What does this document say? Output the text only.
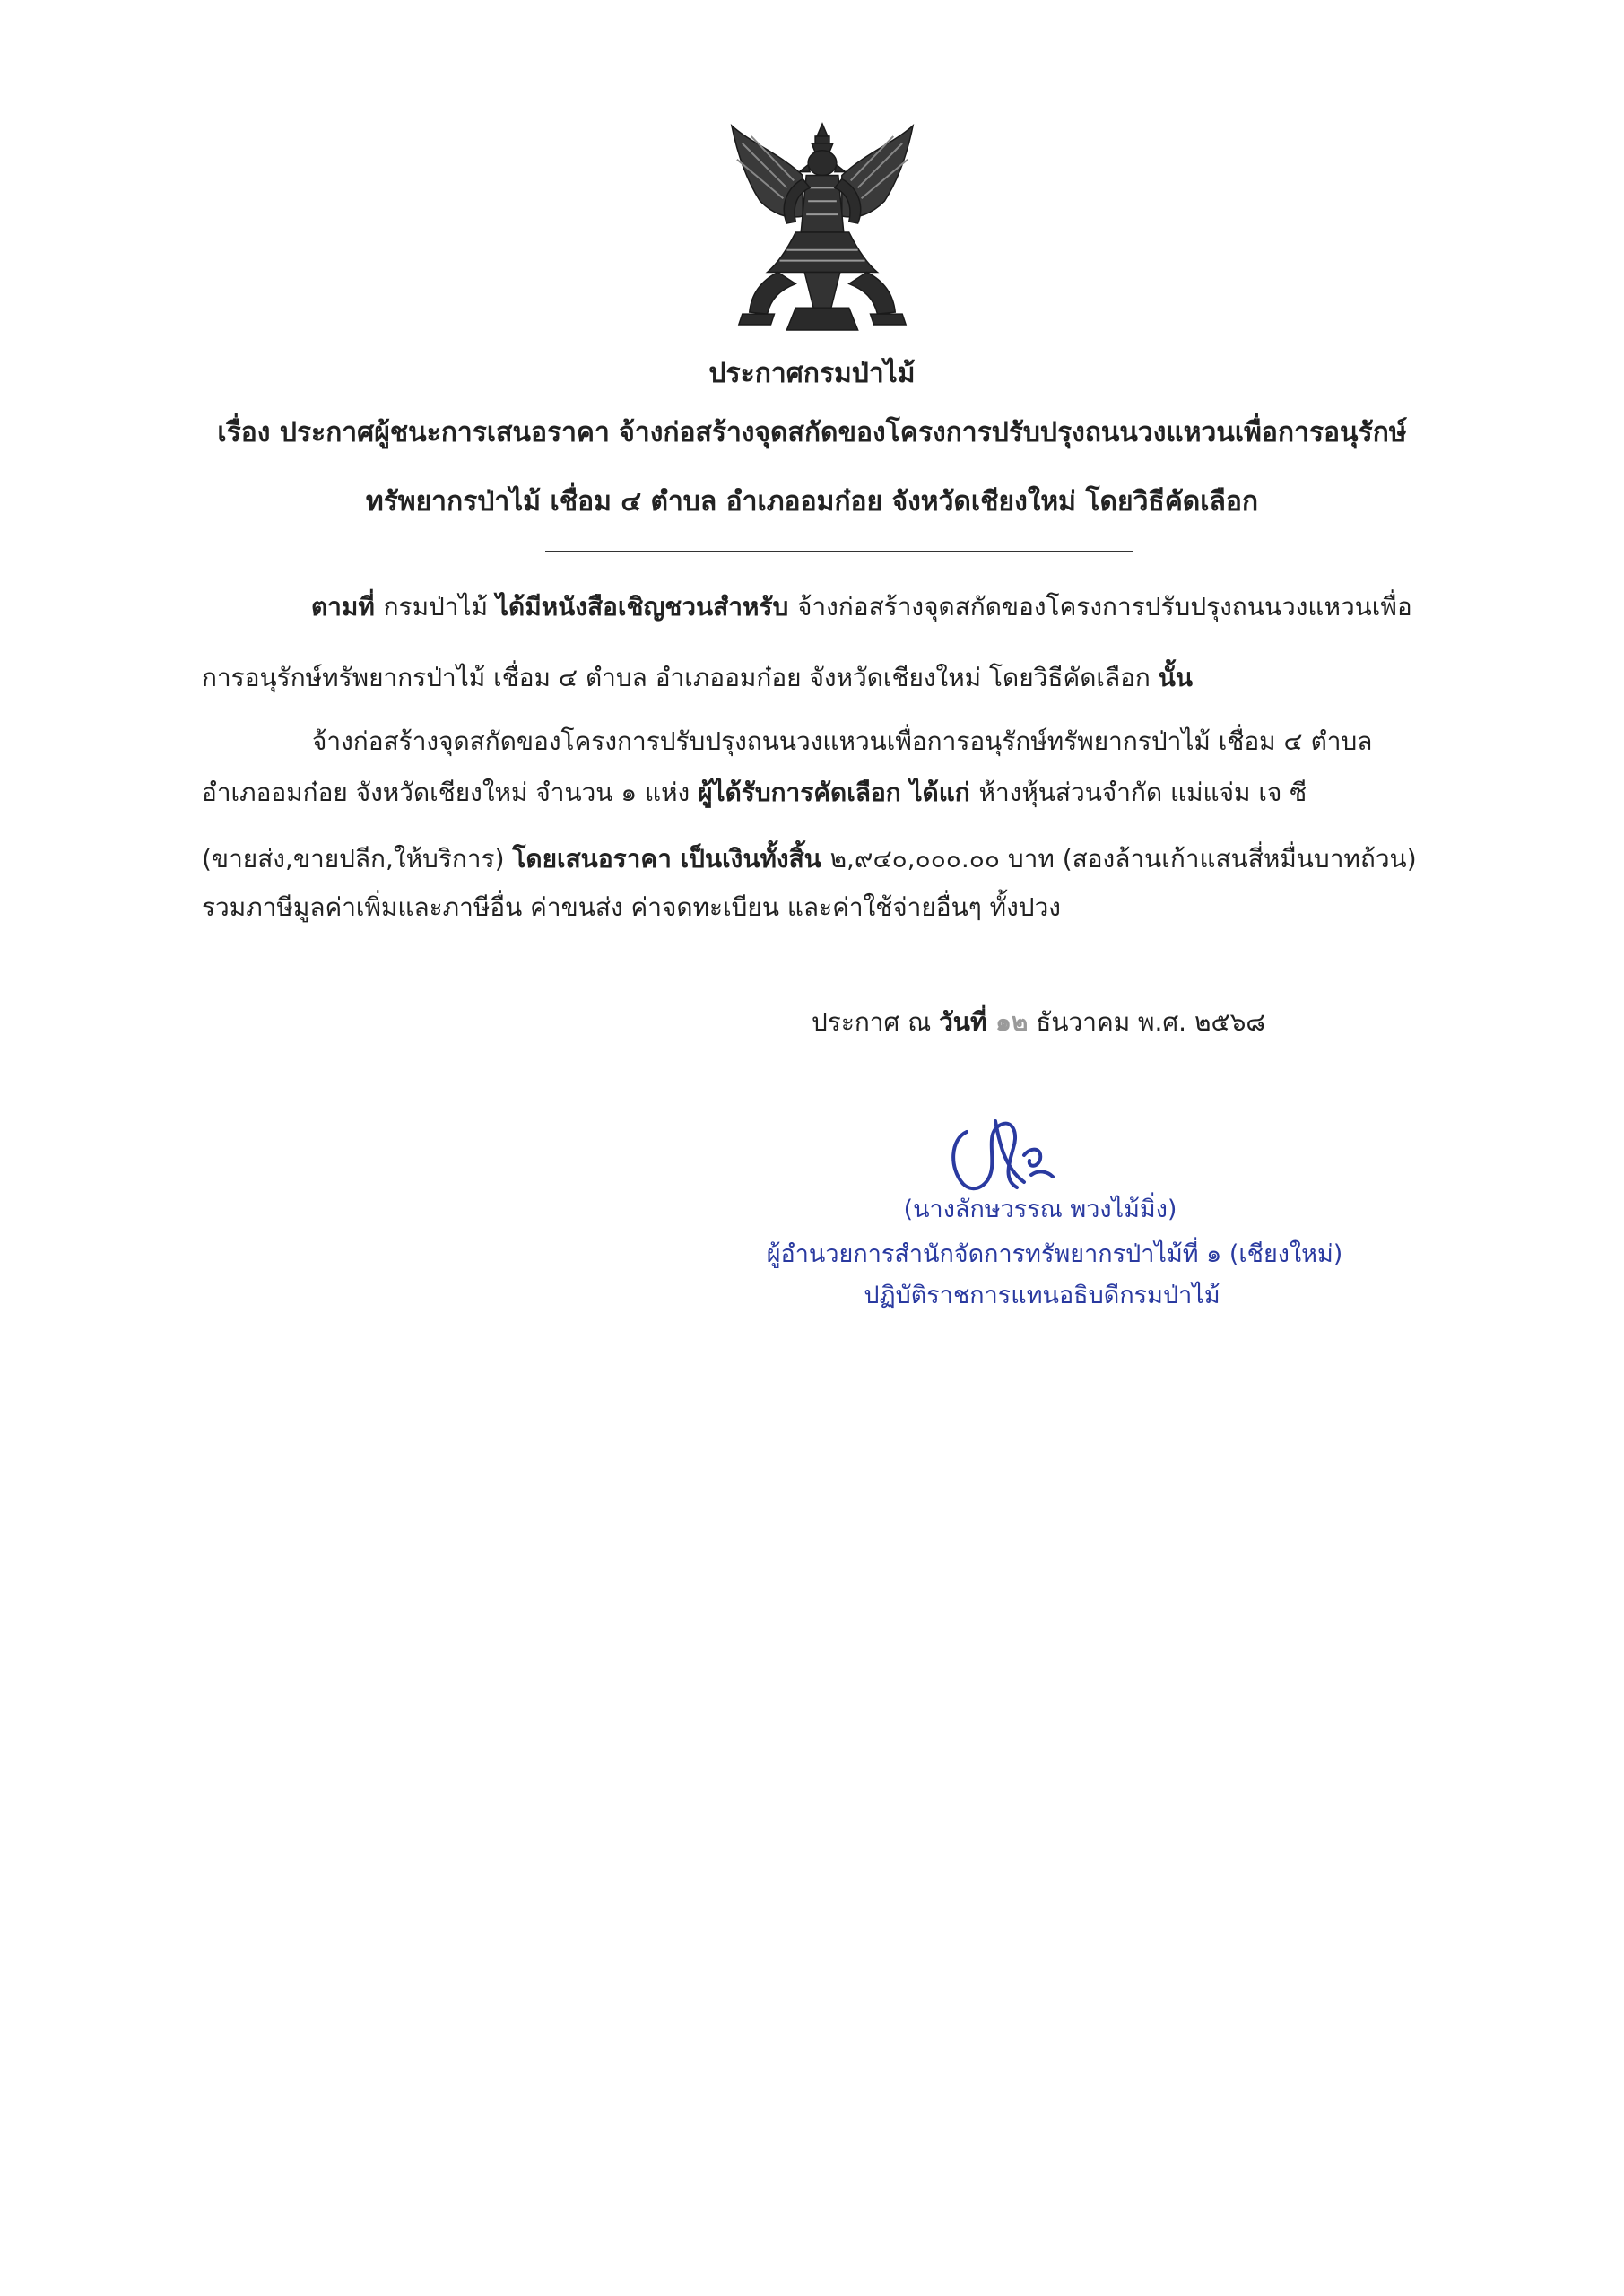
ประกาศกรมป่าไม้
เรื่อง ประกาศผู้ชนะการเสนอราคา จ้างก่อสร้างจุดสกัดของโครงการปรับปรุงถนนวงแหวนเพื่อการอนุรักษ์
ทรัพยากรป่าไม้ เชื่อม ๔ ตำบล อำเภออมก๋อย จังหวัดเชียงใหม่ โดยวิธีคัดเลือก
ตามที่ กรมป่าไม้ ได้มีหนังสือเชิญชวนสำหรับ จ้างก่อสร้างจุดสกัดของโครงการปรับปรุงถนนวงแหวนเพื่อ
การอนุรักษ์ทรัพยากรป่าไม้ เชื่อม ๔ ตำบล อำเภออมก๋อย จังหวัดเชียงใหม่ โดยวิธีคัดเลือก นั้น
จ้างก่อสร้างจุดสกัดของโครงการปรับปรุงถนนวงแหวนเพื่อการอนุรักษ์ทรัพยากรป่าไม้ เชื่อม ๔ ตำบล
อำเภออมก๋อย จังหวัดเชียงใหม่ จำนวน ๑ แห่ง ผู้ได้รับการคัดเลือก ได้แก่ ห้างหุ้นส่วนจำกัด แม่แจ่ม เจ ซี
(ขายส่ง,ขายปลีก,ให้บริการ) โดยเสนอราคา เป็นเงินทั้งสิ้น ๒,๙๔๐,๐๐๐.๐๐ บาท (สองล้านเก้าแสนสี่หมื่นบาทถ้วน)
รวมภาษีมูลค่าเพิ่มและภาษีอื่น ค่าขนส่ง ค่าจดทะเบียน และค่าใช้จ่ายอื่นๆ ทั้งปวง
ประกาศ ณ วันที่ ๑๒ ธันวาคม พ.ศ. ๒๕๖๘
(นางลักษวรรณ พวงไม้มิ่ง)
ผู้อำนวยการสำนักจัดการทรัพยากรป่าไม้ที่ ๑ (เชียงใหม่)
ปฏิบัติราชการแทนอธิบดีกรมป่าไม้
